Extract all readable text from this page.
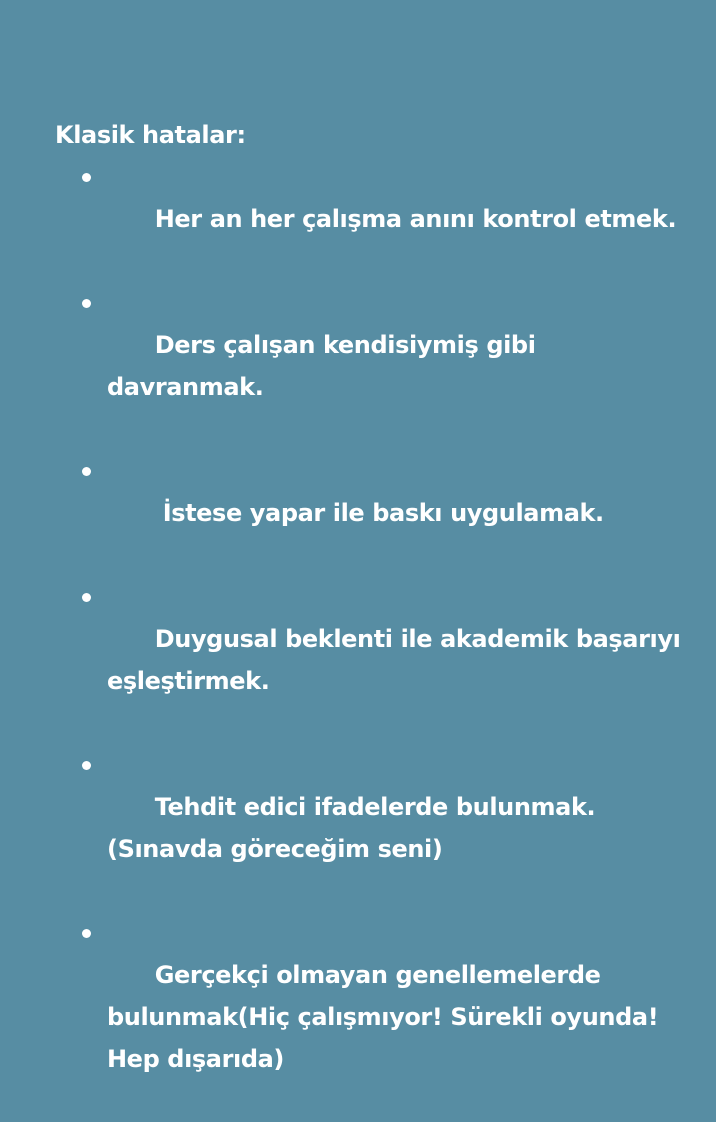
Klasik hatalar:

Her an her çalışma anını kontrol etmek.

Ders çalışan kendisiymiş gibi davranmak.

İstese yapar ile baskı uygulamak.

Duygusal beklenti ile akademik başarıyı eşleştirmek.

Tehdit edici ifadelerde bulunmak. (Sınavda göreceğim seni)

Gerçekçi olmayan genellemelerde bulunmak(Hiç çalışmıyor! Sürekli oyunda! Hep dışarıda)
